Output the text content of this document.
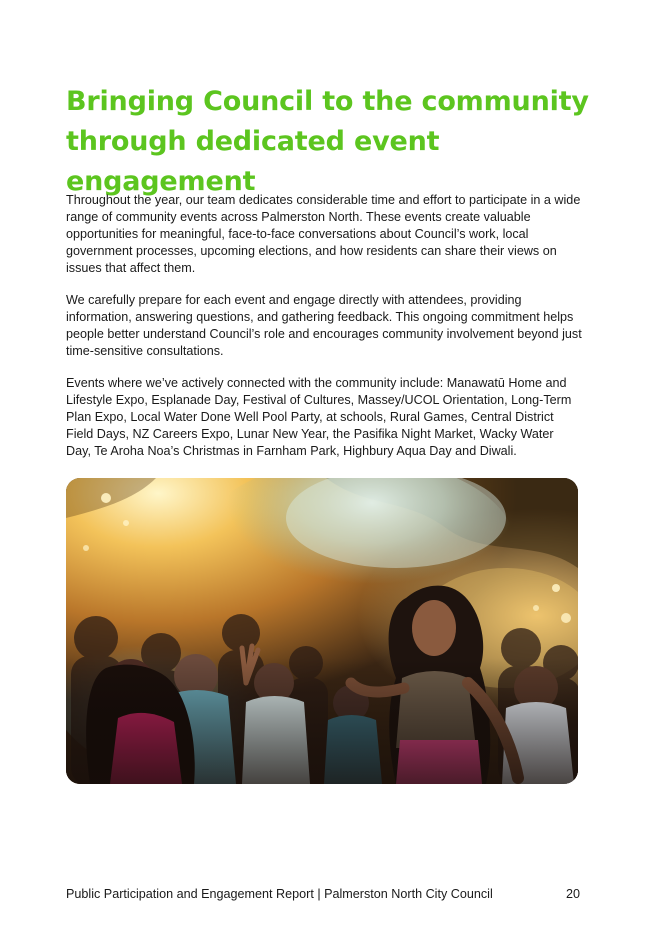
Bringing Council to the community through dedicated event engagement

Throughout the year, our team dedicates considerable time and effort to participate in a wide range of community events across Palmerston North. These events create valuable opportunities for meaningful, face-to-face conversations about Council’s work, local government processes, upcoming elections, and how residents can share their views on issues that affect them.

We carefully prepare for each event and engage directly with attendees, providing information, answering questions, and gathering feedback. This ongoing commitment helps people better understand Council’s role and encourages community involvement beyond just time-sensitive consultations.

Events where we’ve actively connected with the community include: Manawatū Home and Lifestyle Expo, Esplanade Day, Festival of Cultures, Massey/UCOL Orientation, Long-Term Plan Expo, Local Water Done Well Pool Party, at schools, Rural Games, Central District Field Days, NZ Careers Expo, Lunar New Year, the Pasifika Night Market, Wacky Water Day, Te Aroha Noa’s Christmas in Farnham Park, Highbury Aqua Day and Diwali.

Public Participation and Engagement Report | Palmerston North City Council	20
